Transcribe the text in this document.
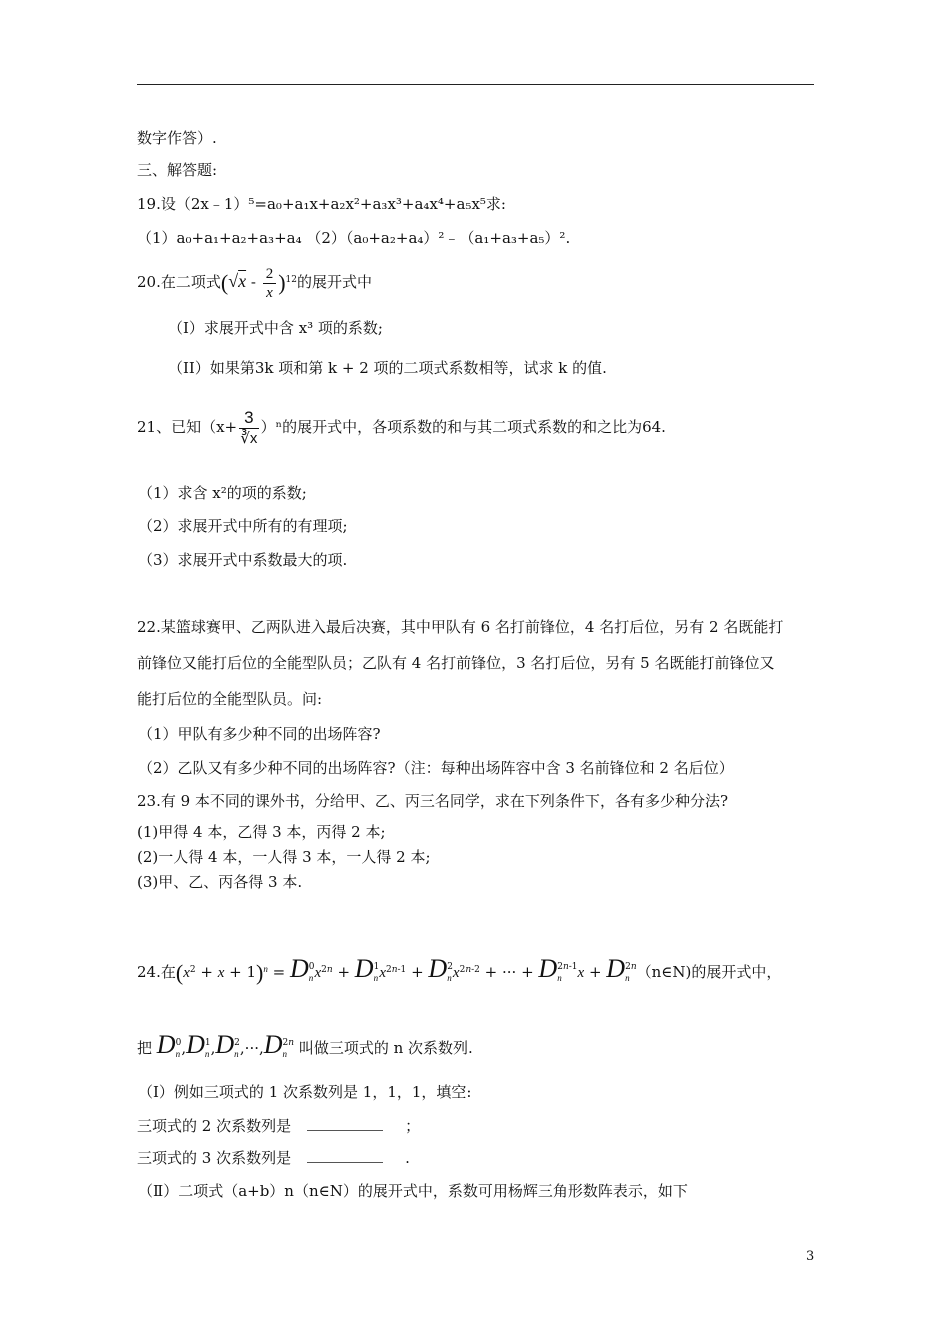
数字作答）.
三、解答题:
19.设（2x﹣1）⁵=a₀+a₁x+a₂x²+a₃x³+a₄x⁴+a₅x⁵求:
（1）a₀+a₁+a₂+a₃+a₄ （2）（a₀+a₂+a₄）²﹣（a₁+a₃+a₅）².
20.在二项式$(√x - \frac{2}{x} )^{12}$的展开式中
（I）求展开式中含 x³ 项的系数;
（II）如果第3k 项和第 k + 2 项的二项式系数相等，试求 k 的值.
21、已知$(x+ \frac{3}{∛x} )^n$的展开式中，各项系数的和与其二项式系数的和之比为64.
（1）求含 x²的项的系数;
（2）求展开式中所有的有理项;
（3）求展开式中系数最大的项.
22.某篮球赛甲、乙两队进入最后决赛，其中甲队有 6 名打前锋位，4 名打后位，另有 2 名既能打
前锋位又能打后位的全能型队员；乙队有 4 名打前锋位，3 名打后位，另有 5 名既能打前锋位又
能打后位的全能型队员。问:
（1）甲队有多少种不同的出场阵容?
（2）乙队又有多少种不同的出场阵容?（注：每种出场阵容中含 3 名前锋位和 2 名后位）
23.有 9 本不同的课外书，分给甲、乙、丙三名同学，求在下列条件下，各有多少种分法?
(1)甲得 4 本，乙得 3 本，丙得 2 本;
(2)一人得 4 本，一人得 3 本，一人得 2 本;
(3)甲、乙、丙各得 3 本.
24.在$(x^2 + x + 1)^n = D0$
$nx^{2n} + D1$
$nx^{2n-1} + D2$
$nx^{2n-2}$ + ··· + D2n-1
n x + D2n
n （n∈N)的展开式中，
把 D0
n,D1
n,D2
n,···,D2n
n 叫做三项式的 n 次系数列.
（Ⅰ）例如三项式的 1 次系数列是 1，1，1，填空:
三项式的 2 次系数列是	；
三项式的 3 次系数列是	.
（Ⅱ）二项式（a+b）n（n∈N）的展开式中，系数可用杨辉三角形数阵表示，如下
3
